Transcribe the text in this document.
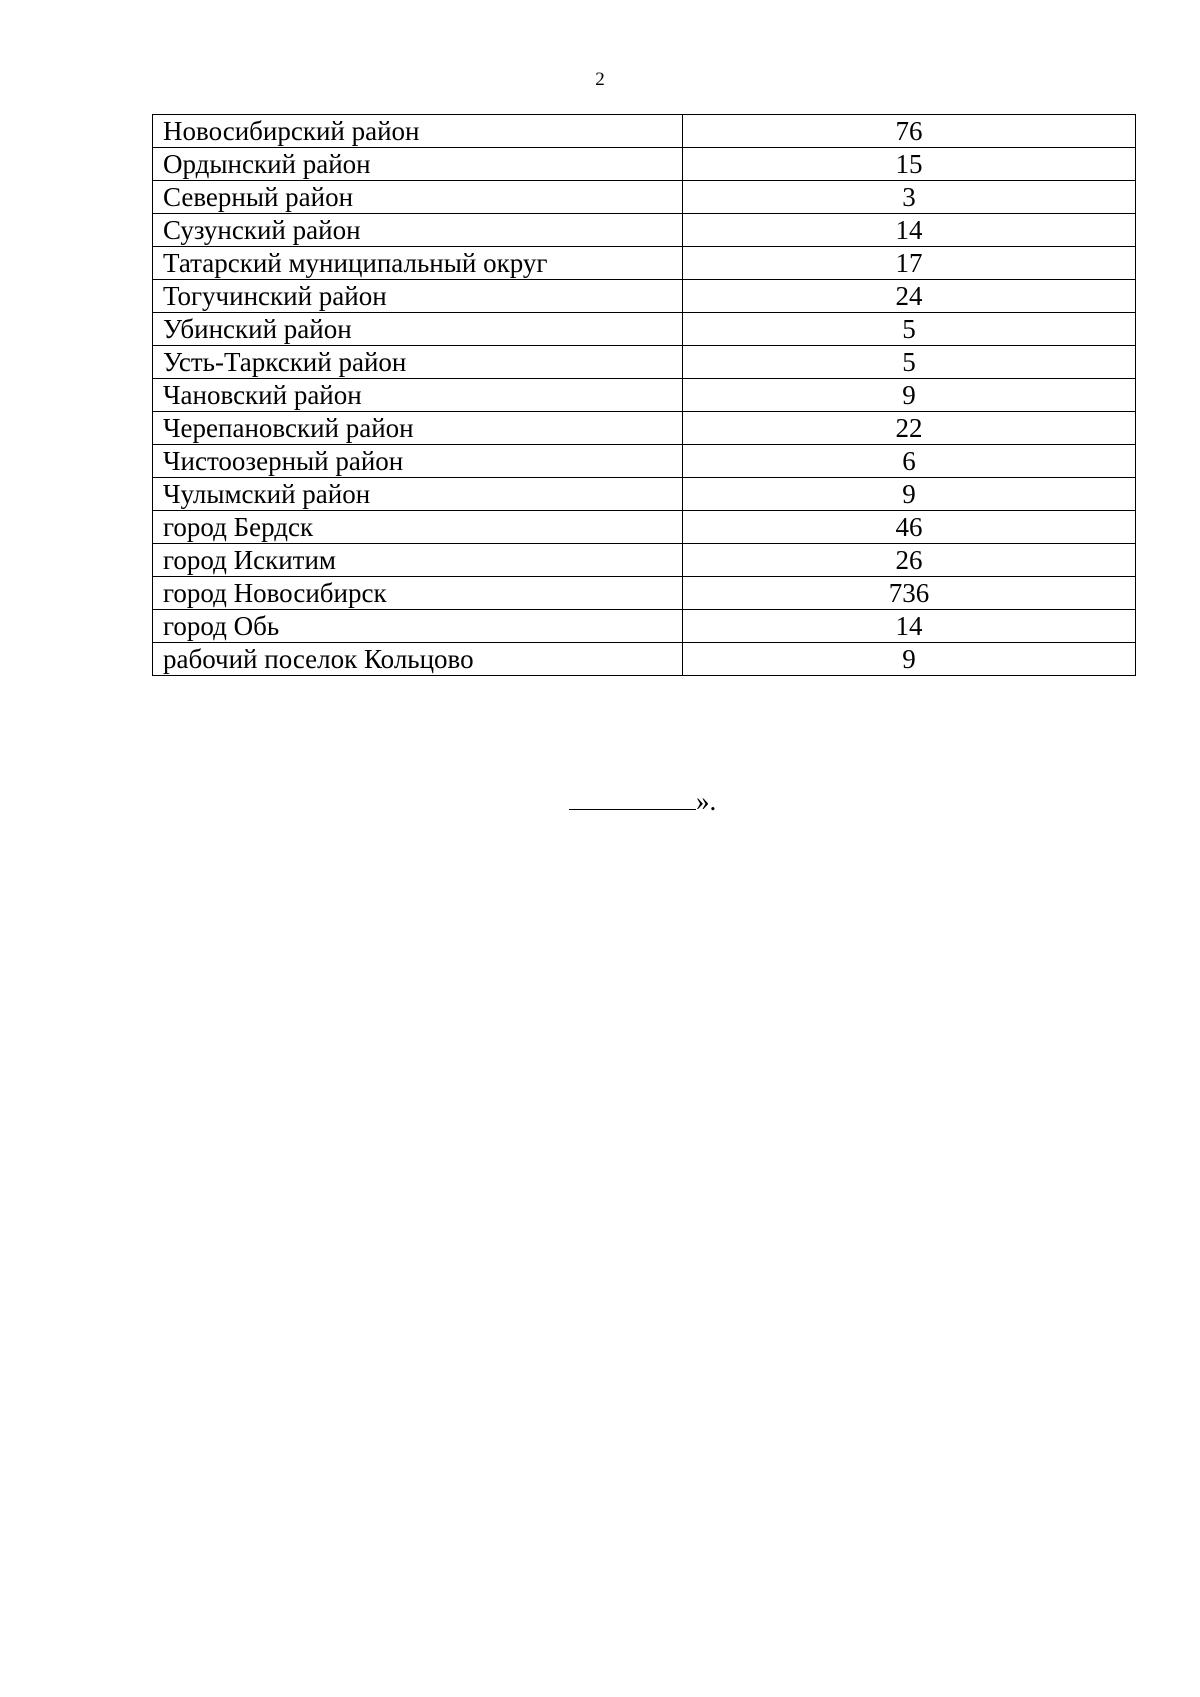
2
Новосибирский район	76
Ордынский район	15
Северный район	3
Сузунский район	14
Татарский муниципальный округ	17
Тогучинский район	24
Убинский район	5
Усть-Таркский район	5
Чановский район	9
Черепановский район	22
Чистоозерный район	6
Чулымский район	9
город Бердск	46
город Искитим	26
город Новосибирск	736
город Обь	14
рабочий поселок Кольцово	9
».
